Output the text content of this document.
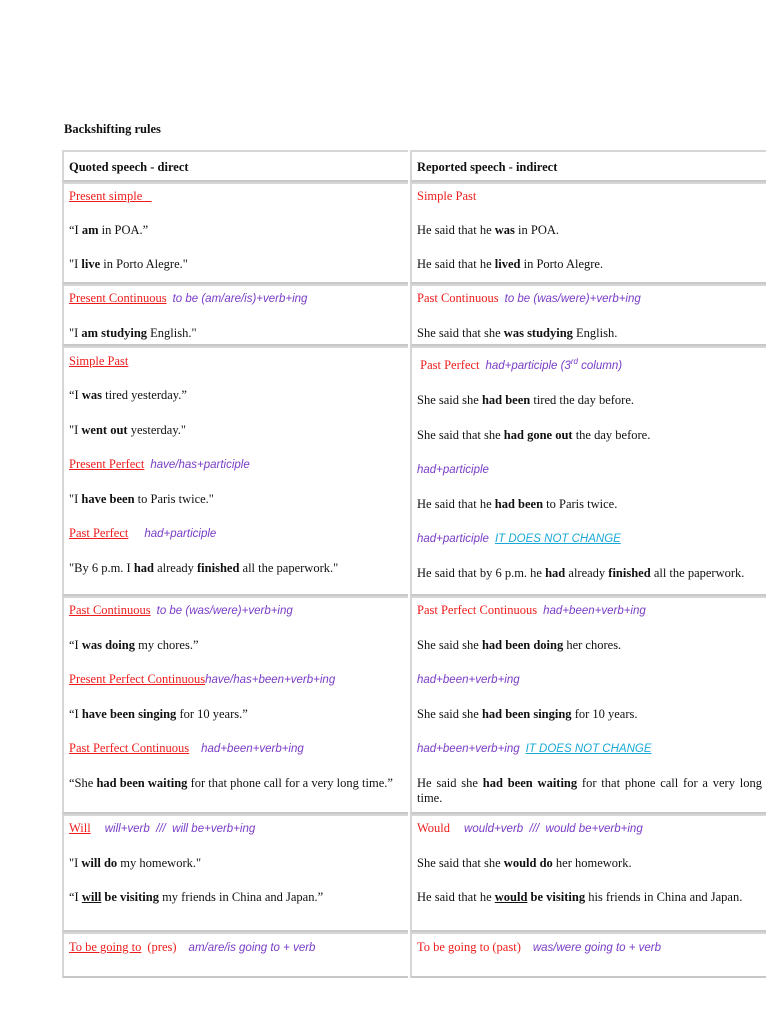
Backshifting rules
Quoted speech - direct	Reported speech - indirect
Present simple
“I am in POA.”
"I live in Porto Alegre."
Simple Past
He said that he was in POA.
He said that he lived in Porto Alegre.
Present Continuous to be (am/are/is)+verb+ing
"I am studying English."
Past Continuous to be (was/were)+verb+ing
She said that she was studying English.
Simple Past
“I was tired yesterday.”
"I went out yesterday."
Present Perfect have/has+participle
"I have been to Paris twice."
Past Perfect had+participle
"By 6 p.m. I had already finished all the paperwork."
Past Perfect had+participle (3rd column)
She said she had been tired the day before.
She said that she had gone out the day before.
had+participle
He said that he had been to Paris twice.
had+participle IT DOES NOT CHANGE
He said that by 6 p.m. he had already finished all the paperwork.
Past Continuous to be (was/were)+verb+ing
“I was doing my chores.”
Present Perfect Continuoushave/has+been+verb+ing
“I have been singing for 10 years.”
Past Perfect Continuous had+been+verb+ing
“She had been waiting for that phone call for a very long time.”
Past Perfect Continuous had+been+verb+ing
She said she had been doing her chores.
had+been+verb+ing
She said she had been singing for 10 years.
had+been+verb+ing IT DOES NOT CHANGE
He said she had been waiting for that phone call for a very long time.
Will will+verb  ///  will be+verb+ing
"I will do my homework."
“I will be visiting my friends in China and Japan.”
Would would+verb  ///  would be+verb+ing
She said that she would do her homework.
He said that he would be visiting his friends in China and Japan.
To be going to (pres) am/are/is going to + verb	To be going to (past) was/were going to + verb
